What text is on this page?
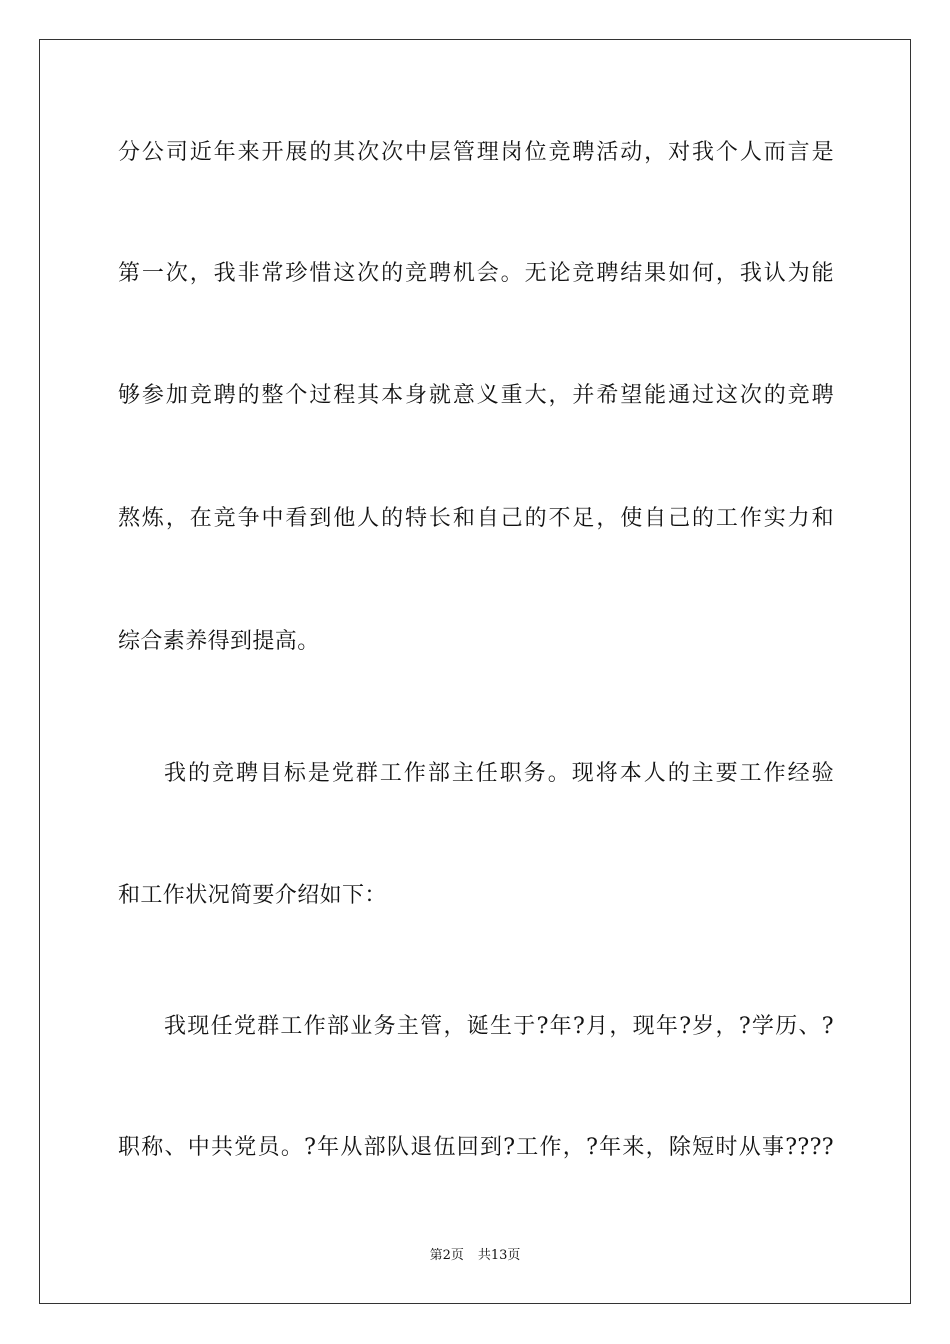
分公司近年来开展的其次次中层管理岗位竞聘活动，对我个人而言是
第一次，我非常珍惜这次的竞聘机会。无论竞聘结果如何，我认为能
够参加竞聘的整个过程其本身就意义重大，并希望能通过这次的竞聘
熬炼，在竞争中看到他人的特长和自己的不足，使自己的工作实力和
综合素养得到提高。
我的竞聘目标是党群工作部主任职务。现将本人的主要工作经验
和工作状况简要介绍如下：
我现任党群工作部业务主管，诞生于?年?月，现年?岁，?学历、?
职称、中共党员。?年从部队退伍回到?工作，?年来，除短时从事????
第2页 共13页
